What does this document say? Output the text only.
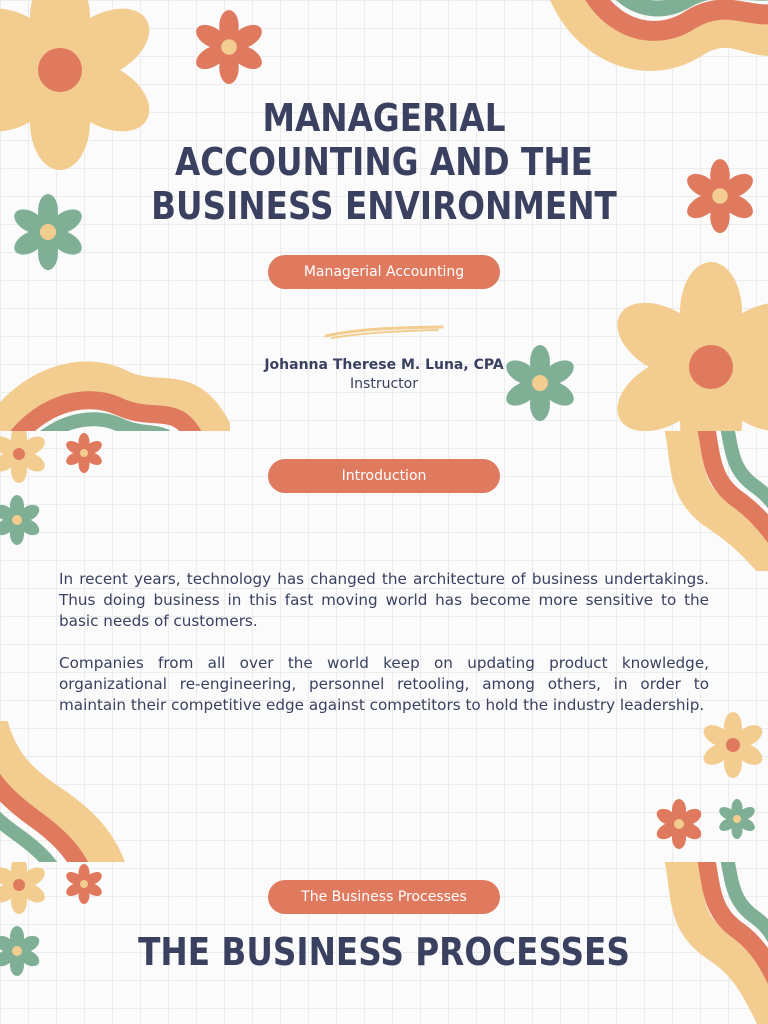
MANAGERIAL
ACCOUNTING AND THE
BUSINESS ENVIRONMENT
Managerial Accounting
Johanna Therese M. Luna, CPA
Instructor
Introduction
In recent years, technology has changed the architecture of business undertakings. Thus doing business in this fast moving world has become more sensitive to the basic needs of customers.
Companies from all over the world keep on updating product knowledge, organizational re-engineering, personnel retooling, among others, in order to maintain their competitive edge against competitors to hold the industry leadership.
The Business Processes
THE BUSINESS PROCESSES
